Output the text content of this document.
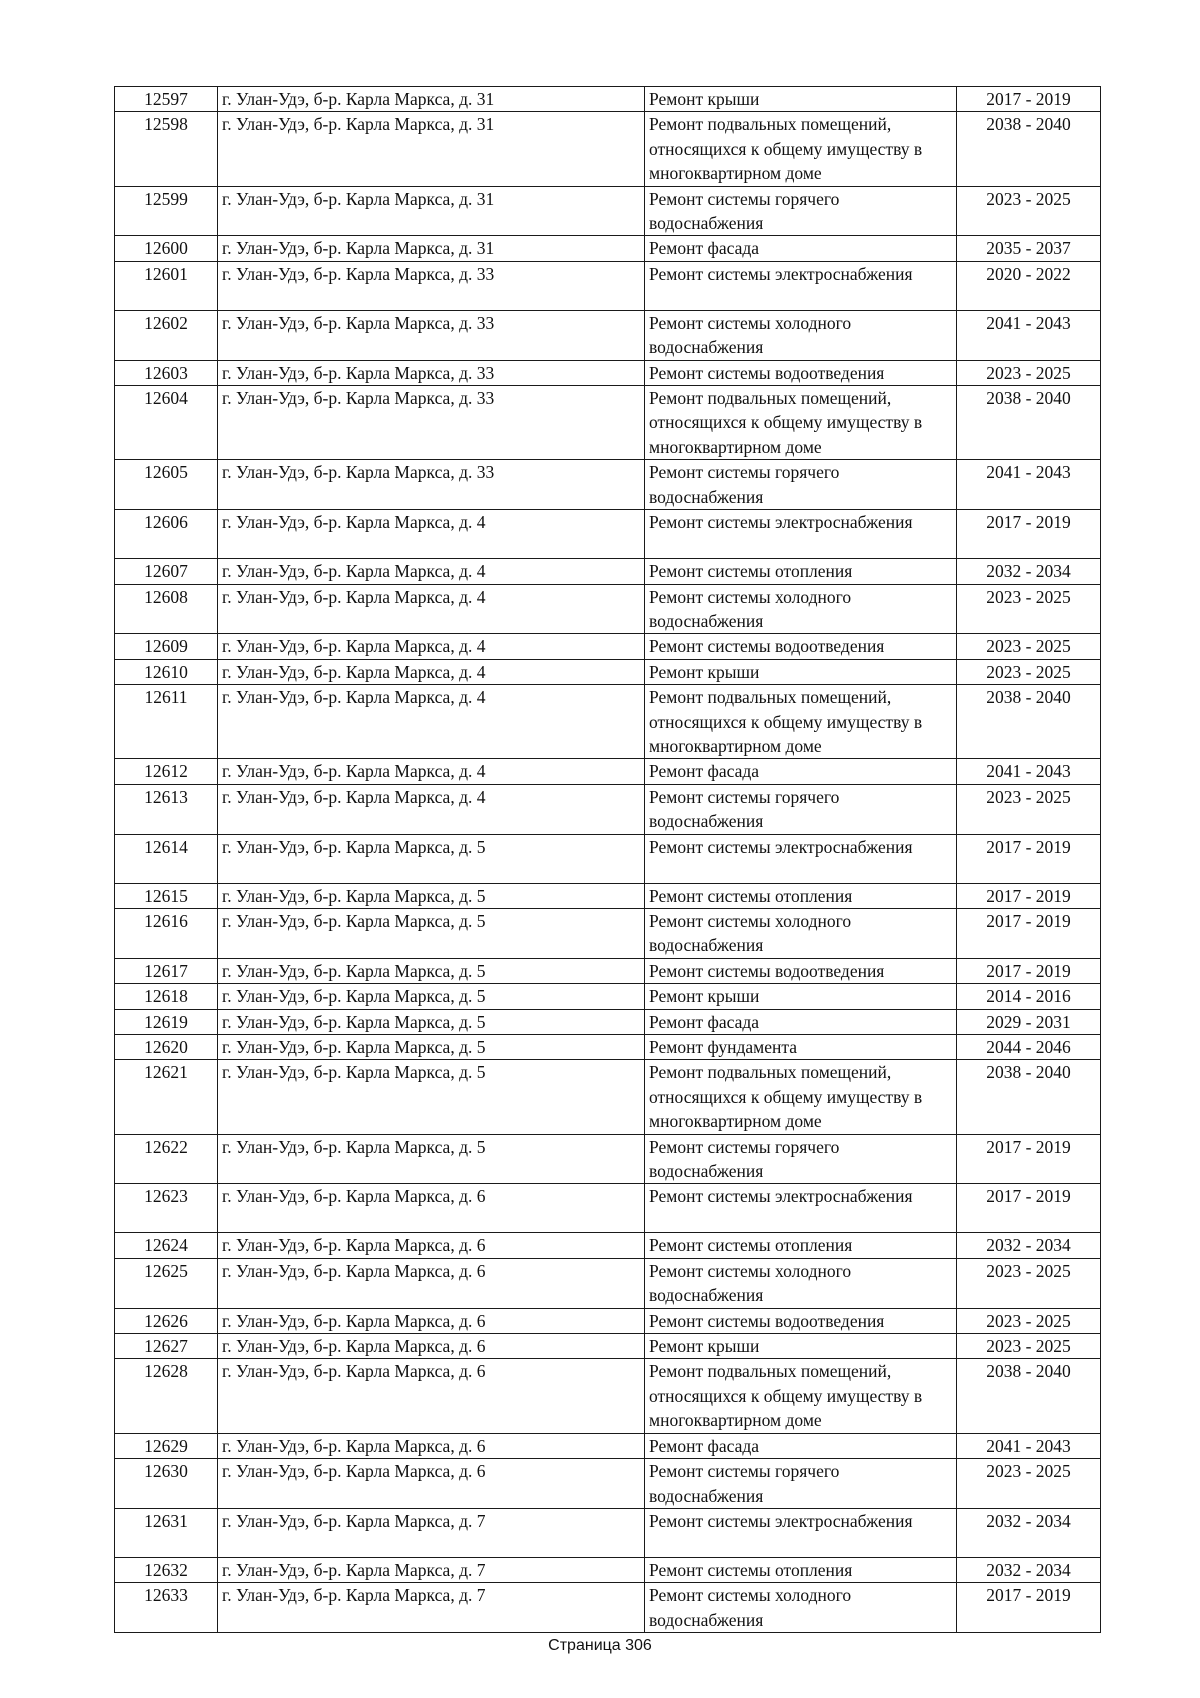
12597	г. Улан-Удэ, б-р. Карла Маркса, д. 31	Ремонт крыши	2017 - 2019
12598	г. Улан-Удэ, б-р. Карла Маркса, д. 31	Ремонт подвальных помещений, относящихся к общему имуществу в многоквартирном доме	2038 - 2040
12599	г. Улан-Удэ, б-р. Карла Маркса, д. 31	Ремонт системы горячего водоснабжения	2023 - 2025
12600	г. Улан-Удэ, б-р. Карла Маркса, д. 31	Ремонт фасада	2035 - 2037
12601	г. Улан-Удэ, б-р. Карла Маркса, д. 33	Ремонт системы электроснабжения	2020 - 2022
12602	г. Улан-Удэ, б-р. Карла Маркса, д. 33	Ремонт системы холодного водоснабжения	2041 - 2043
12603	г. Улан-Удэ, б-р. Карла Маркса, д. 33	Ремонт системы водоотведения	2023 - 2025
12604	г. Улан-Удэ, б-р. Карла Маркса, д. 33	Ремонт подвальных помещений, относящихся к общему имуществу в многоквартирном доме	2038 - 2040
12605	г. Улан-Удэ, б-р. Карла Маркса, д. 33	Ремонт системы горячего водоснабжения	2041 - 2043
12606	г. Улан-Удэ, б-р. Карла Маркса, д. 4	Ремонт системы электроснабжения	2017 - 2019
12607	г. Улан-Удэ, б-р. Карла Маркса, д. 4	Ремонт системы отопления	2032 - 2034
12608	г. Улан-Удэ, б-р. Карла Маркса, д. 4	Ремонт системы холодного водоснабжения	2023 - 2025
12609	г. Улан-Удэ, б-р. Карла Маркса, д. 4	Ремонт системы водоотведения	2023 - 2025
12610	г. Улан-Удэ, б-р. Карла Маркса, д. 4	Ремонт крыши	2023 - 2025
12611	г. Улан-Удэ, б-р. Карла Маркса, д. 4	Ремонт подвальных помещений, относящихся к общему имуществу в многоквартирном доме	2038 - 2040
12612	г. Улан-Удэ, б-р. Карла Маркса, д. 4	Ремонт фасада	2041 - 2043
12613	г. Улан-Удэ, б-р. Карла Маркса, д. 4	Ремонт системы горячего водоснабжения	2023 - 2025
12614	г. Улан-Удэ, б-р. Карла Маркса, д. 5	Ремонт системы электроснабжения	2017 - 2019
12615	г. Улан-Удэ, б-р. Карла Маркса, д. 5	Ремонт системы отопления	2017 - 2019
12616	г. Улан-Удэ, б-р. Карла Маркса, д. 5	Ремонт системы холодного водоснабжения	2017 - 2019
12617	г. Улан-Удэ, б-р. Карла Маркса, д. 5	Ремонт системы водоотведения	2017 - 2019
12618	г. Улан-Удэ, б-р. Карла Маркса, д. 5	Ремонт крыши	2014 - 2016
12619	г. Улан-Удэ, б-р. Карла Маркса, д. 5	Ремонт фасада	2029 - 2031
12620	г. Улан-Удэ, б-р. Карла Маркса, д. 5	Ремонт фундамента	2044 - 2046
12621	г. Улан-Удэ, б-р. Карла Маркса, д. 5	Ремонт подвальных помещений, относящихся к общему имуществу в многоквартирном доме	2038 - 2040
12622	г. Улан-Удэ, б-р. Карла Маркса, д. 5	Ремонт системы горячего водоснабжения	2017 - 2019
12623	г. Улан-Удэ, б-р. Карла Маркса, д. 6	Ремонт системы электроснабжения	2017 - 2019
12624	г. Улан-Удэ, б-р. Карла Маркса, д. 6	Ремонт системы отопления	2032 - 2034
12625	г. Улан-Удэ, б-р. Карла Маркса, д. 6	Ремонт системы холодного водоснабжения	2023 - 2025
12626	г. Улан-Удэ, б-р. Карла Маркса, д. 6	Ремонт системы водоотведения	2023 - 2025
12627	г. Улан-Удэ, б-р. Карла Маркса, д. 6	Ремонт крыши	2023 - 2025
12628	г. Улан-Удэ, б-р. Карла Маркса, д. 6	Ремонт подвальных помещений, относящихся к общему имуществу в многоквартирном доме	2038 - 2040
12629	г. Улан-Удэ, б-р. Карла Маркса, д. 6	Ремонт фасада	2041 - 2043
12630	г. Улан-Удэ, б-р. Карла Маркса, д. 6	Ремонт системы горячего водоснабжения	2023 - 2025
12631	г. Улан-Удэ, б-р. Карла Маркса, д. 7	Ремонт системы электроснабжения	2032 - 2034
12632	г. Улан-Удэ, б-р. Карла Маркса, д. 7	Ремонт системы отопления	2032 - 2034
12633	г. Улан-Удэ, б-р. Карла Маркса, д. 7	Ремонт системы холодного водоснабжения	2017 - 2019
Страница 306
